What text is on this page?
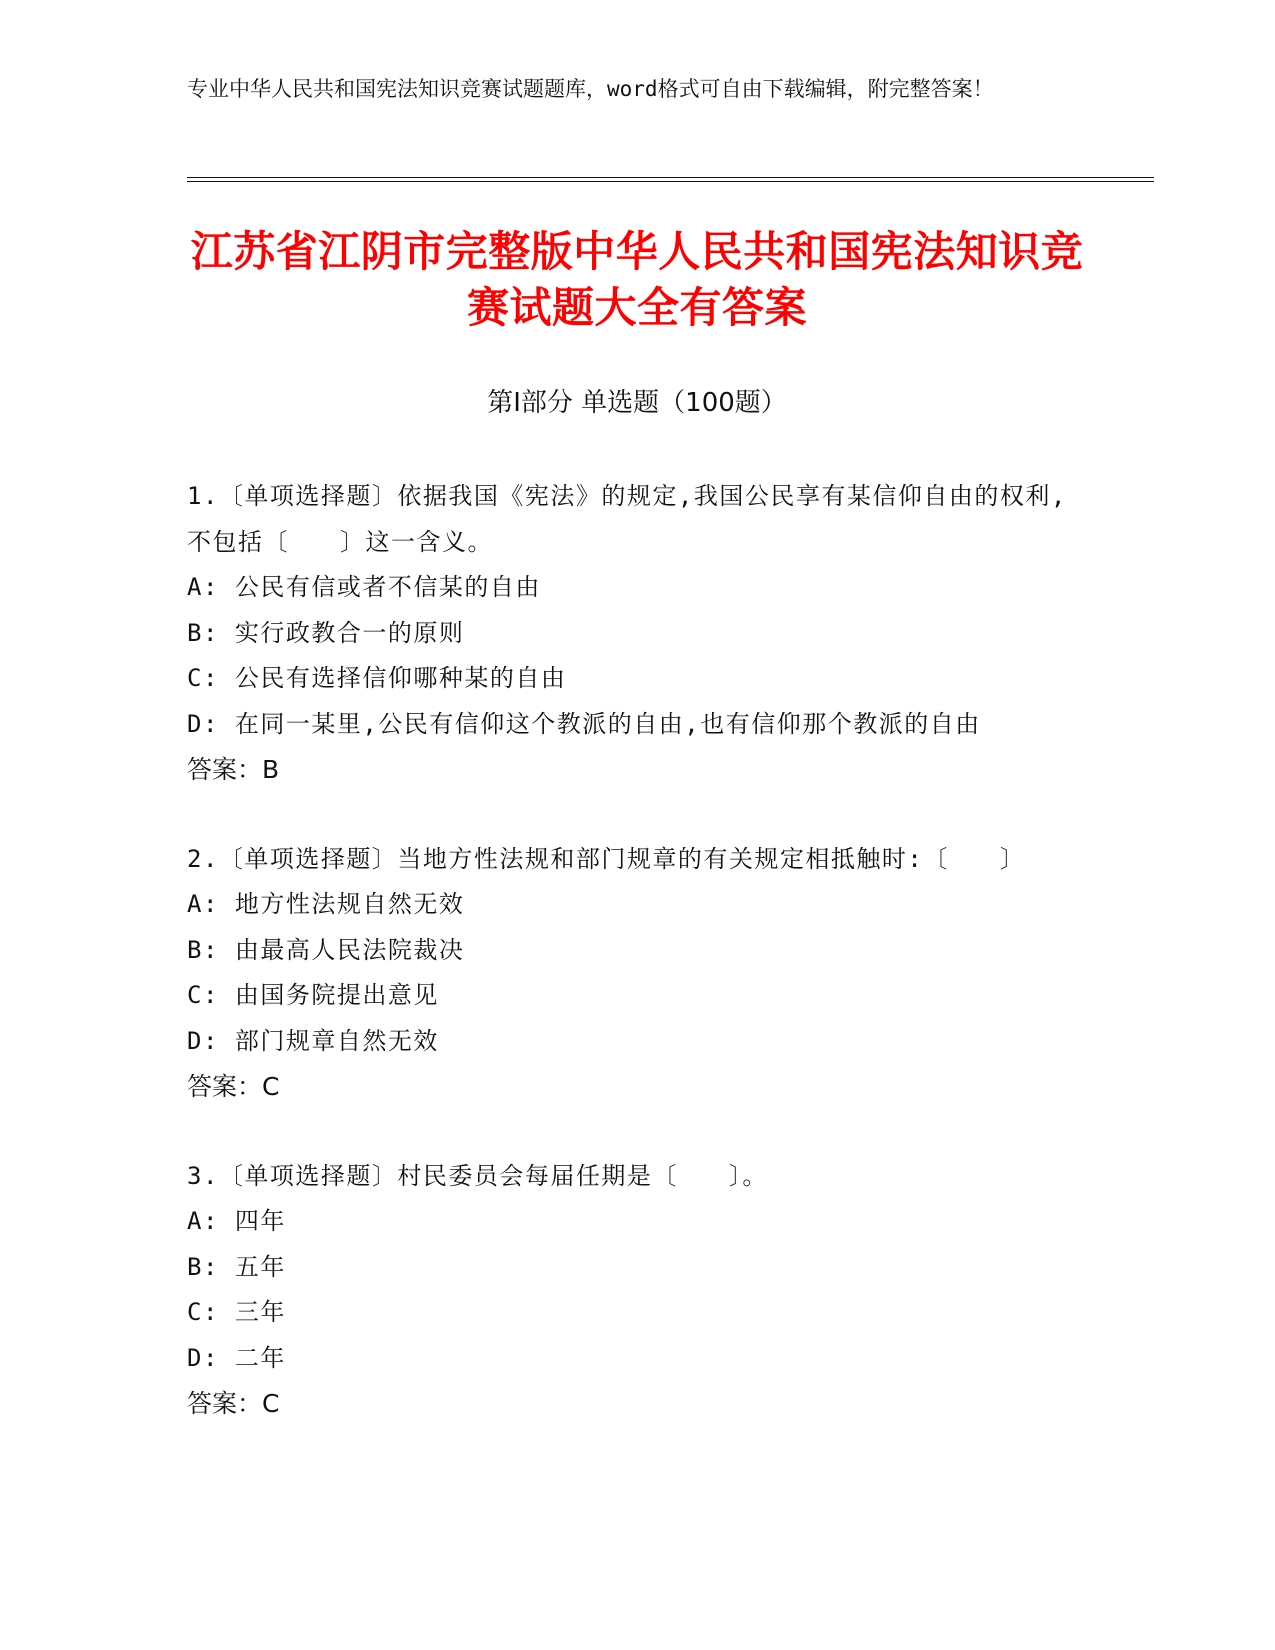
专业中华人民共和国宪法知识竞赛试题题库，word格式可自由下载编辑，附完整答案！
江苏省江阴市完整版中华人民共和国宪法知识竞赛试题大全有答案
第Ⅰ部分 单选题（100题）
1.〔单项选择题〕依据我国《宪法》的规定,我国公民享有某信仰自由的权利,不包括〔　　〕这一含义。
A: 公民有信或者不信某的自由
B: 实行政教合一的原则
C: 公民有选择信仰哪种某的自由
D: 在同一某里,公民有信仰这个教派的自由,也有信仰那个教派的自由
答案：B
2.〔单项选择题〕当地方性法规和部门规章的有关规定相抵触时:〔　　〕
A: 地方性法规自然无效
B: 由最高人民法院裁决
C: 由国务院提出意见
D: 部门规章自然无效
答案：C
3.〔单项选择题〕村民委员会每届任期是〔　　〕。
A: 四年
B: 五年
C: 三年
D: 二年
答案：C
